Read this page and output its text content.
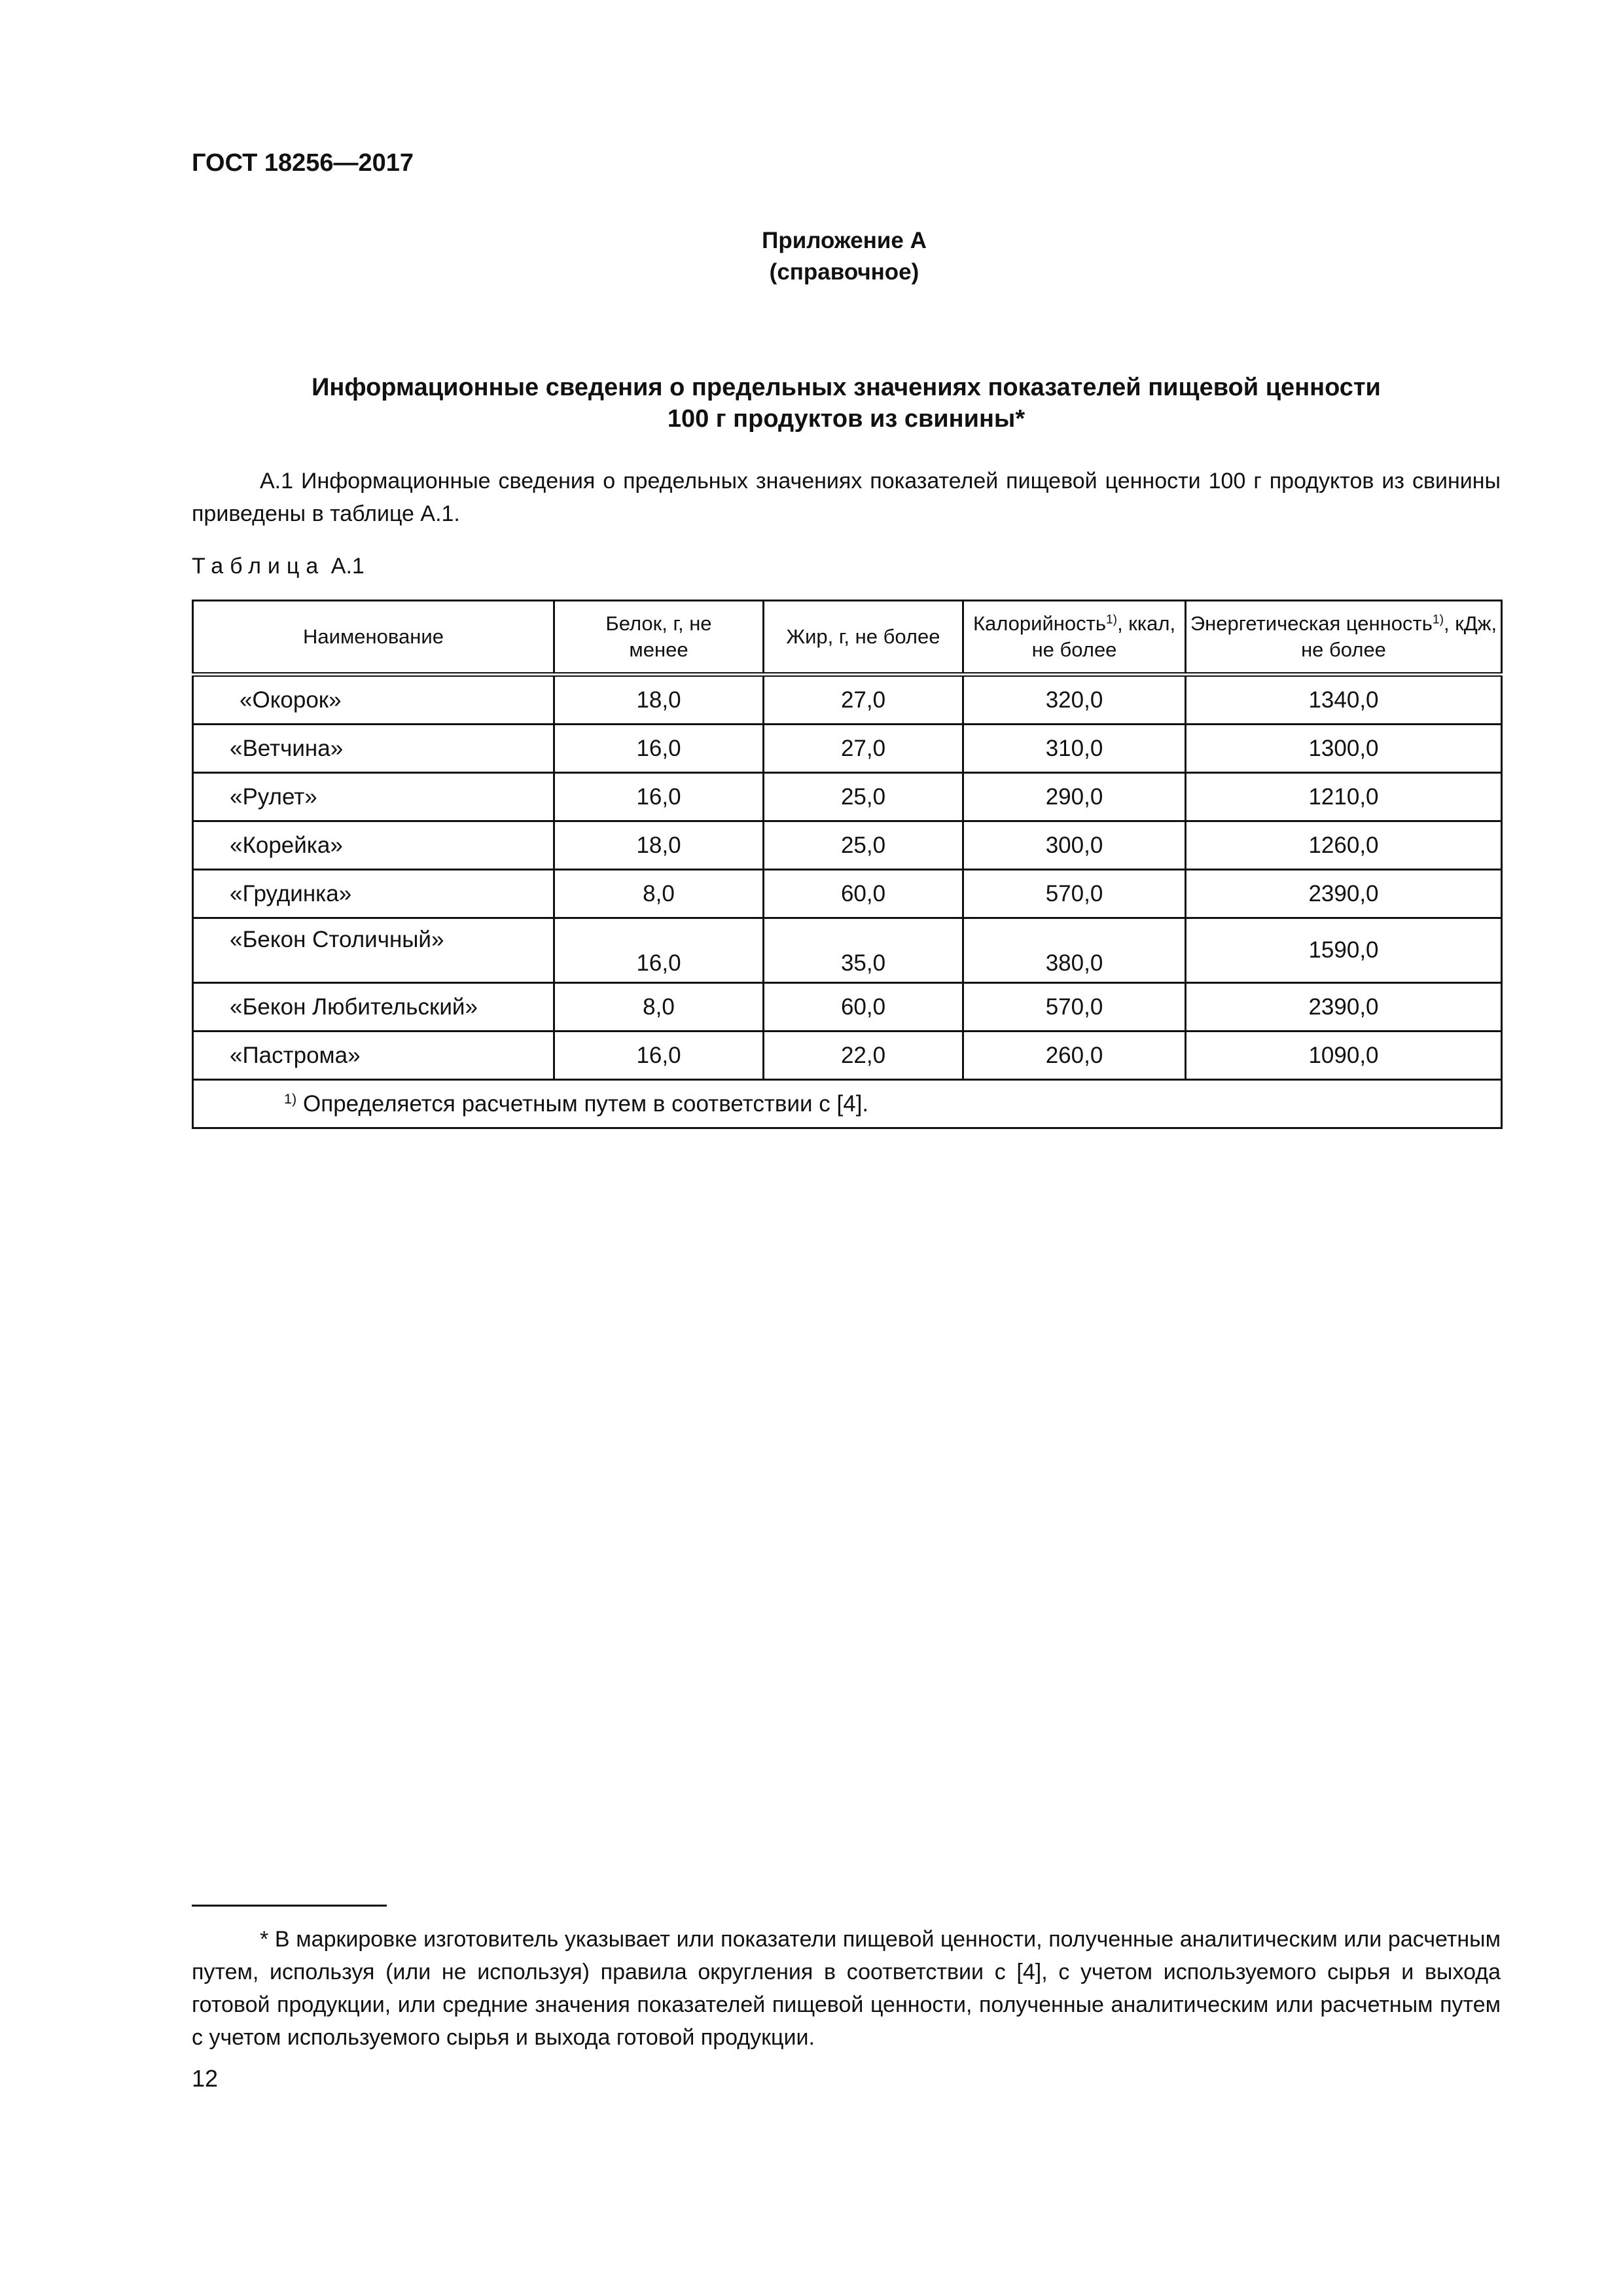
ГОСТ 18256—2017
Приложение А
(справочное)
Информационные сведения о предельных значениях показателей пищевой ценности
100 г продуктов из свинины*
А.1 Информационные сведения о предельных значениях показателей пищевой ценности 100 г продуктов из свинины приведены в таблице А.1.
Таблица А.1
Наименование	Белок, г, не менее	Жир, г, не более	Калорийность$^{1)}$, ккал, не более	Энергетическая ценность$^{1)}$, кДж, не более
«Окорок»	18,0	27,0	320,0	1340,0
«Ветчина»	16,0	27,0	310,0	1300,0
«Рулет»	16,0	25,0	290,0	1210,0
«Корейка»	18,0	25,0	300,0	1260,0
«Грудинка»	8,0	60,0	570,0	2390,0
«Бекон Столичный»	16,0	35,0	380,0	1590,0
«Бекон Любительский»	8,0	60,0	570,0	2390,0
«Пастрома»	16,0	22,0	260,0	1090,0
$^{1)}$ Определяется расчетным путем в соответствии с [4].				
* В маркировке изготовитель указывает или показатели пищевой ценности, полученные аналитическим или расчетным путем, используя (или не используя) правила округления в соответствии с [4], с учетом используемого сырья и выхода готовой продукции, или средние значения показателей пищевой ценности, полученные аналитическим или расчетным путем с учетом используемого сырья и выхода готовой продукции.
12
